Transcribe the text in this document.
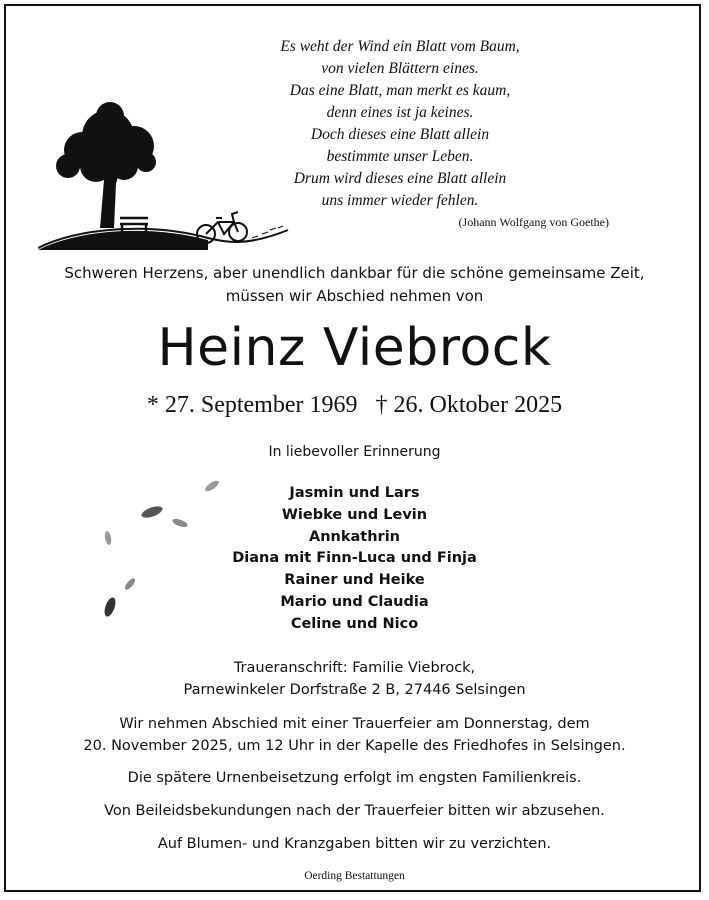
Es weht der Wind ein Blatt vom Baum,
von vielen Blättern eines.
Das eine Blatt, man merkt es kaum,
denn eines ist ja keines.
Doch dieses eine Blatt allein
bestimmte unser Leben.
Drum wird dieses eine Blatt allein
uns immer wieder fehlen.
(Johann Wolfgang von Goethe)
Schweren Herzens, aber unendlich dankbar für die schöne gemeinsame Zeit,
müssen wir Abschied nehmen von
Heinz Viebrock
* 27. September 1969 † 26. Oktober 2025
In liebevoller Erinnerung
Jasmin und Lars
Wiebke und Levin
Annkathrin
Diana mit Finn-Luca und Finja
Rainer und Heike
Mario und Claudia
Celine und Nico
Traueranschrift: Familie Viebrock,
Parnewinkeler Dorfstraße 2 B, 27446 Selsingen
Wir nehmen Abschied mit einer Trauerfeier am Donnerstag, dem
20. November 2025, um 12 Uhr in der Kapelle des Friedhofes in Selsingen.
Die spätere Urnenbeisetzung erfolgt im engsten Familienkreis.
Von Beileidsbekundungen nach der Trauerfeier bitten wir abzusehen.
Auf Blumen- und Kranzgaben bitten wir zu verzichten.
Oerding Bestattungen
